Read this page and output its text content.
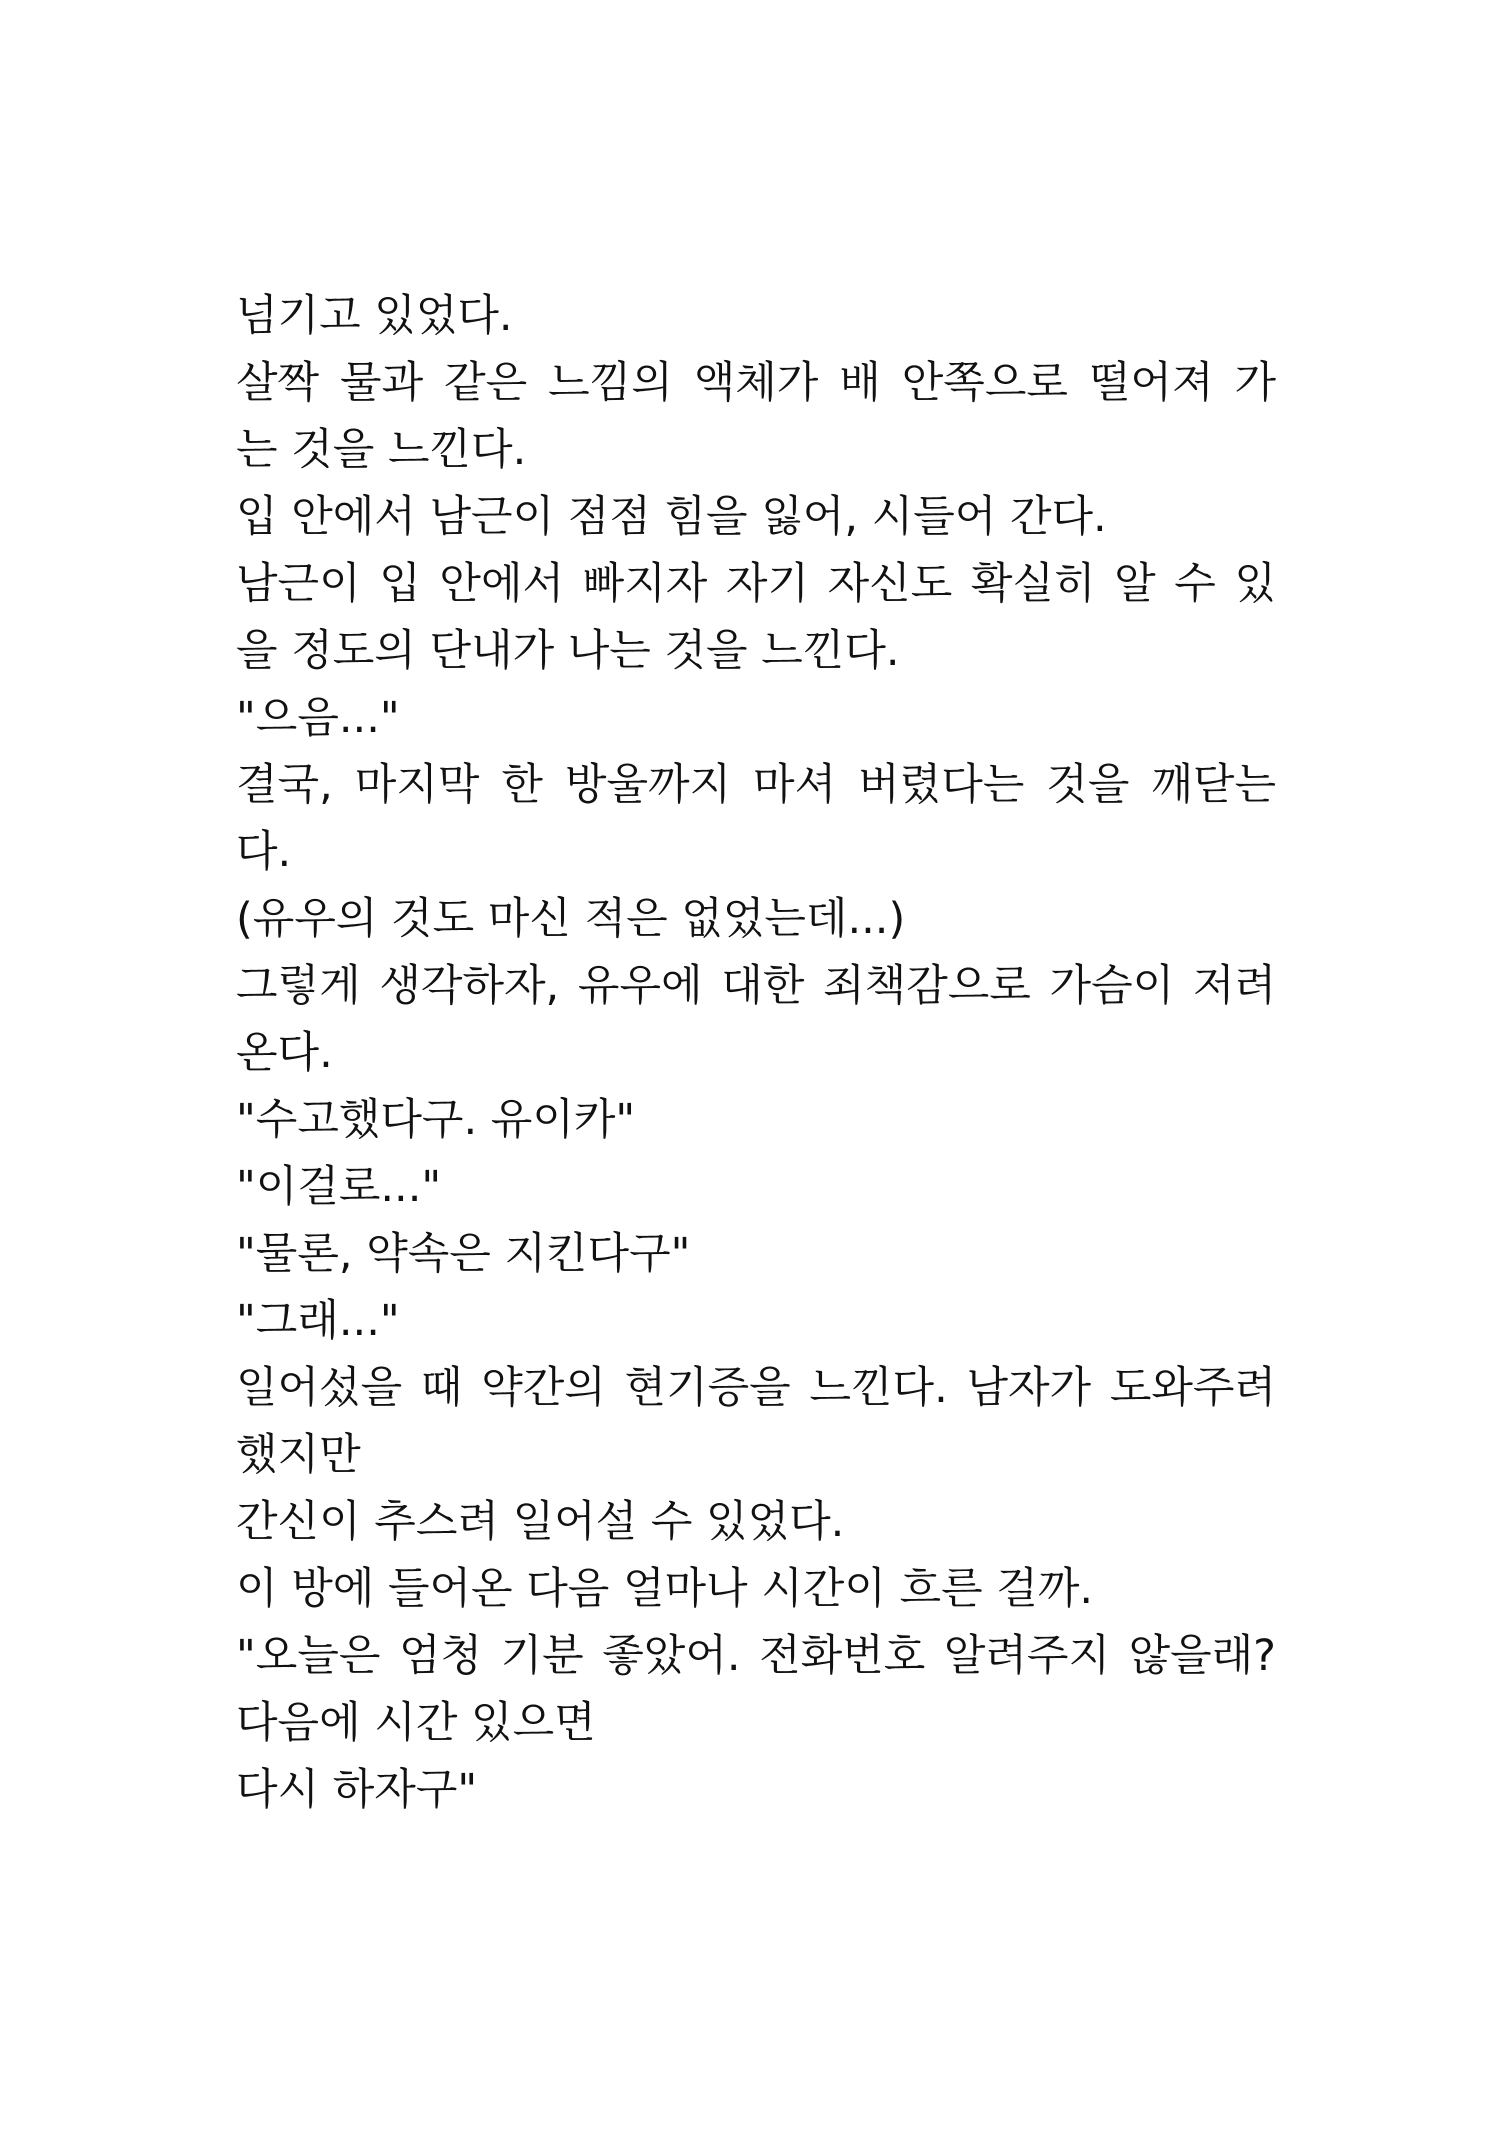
넘기고 있었다.
살짝 물과 같은 느낌의 액체가 배 안쪽으로 떨어져 가
는 것을 느낀다.
입 안에서 남근이 점점 힘을 잃어, 시들어 간다.
남근이 입 안에서 빠지자 자기 자신도 확실히 알 수 있
을 정도의 단내가 나는 것을 느낀다.
"으음..."
결국, 마지막 한 방울까지 마셔 버렸다는 것을 깨닫는
다.
(유우의 것도 마신 적은 없었는데...)
그렇게 생각하자, 유우에 대한 죄책감으로 가슴이 저려
온다.
"수고했다구. 유이카"
"이걸로..."
"물론, 약속은 지킨다구"
"그래..."
일어섰을 때 약간의 현기증을 느낀다. 남자가 도와주려
했지만
간신이 추스려 일어설 수 있었다.
이 방에 들어온 다음 얼마나 시간이 흐른 걸까.
"오늘은 엄청 기분 좋았어. 전화번호 알려주지 않을래?
다음에 시간 있으면
다시 하자구"
